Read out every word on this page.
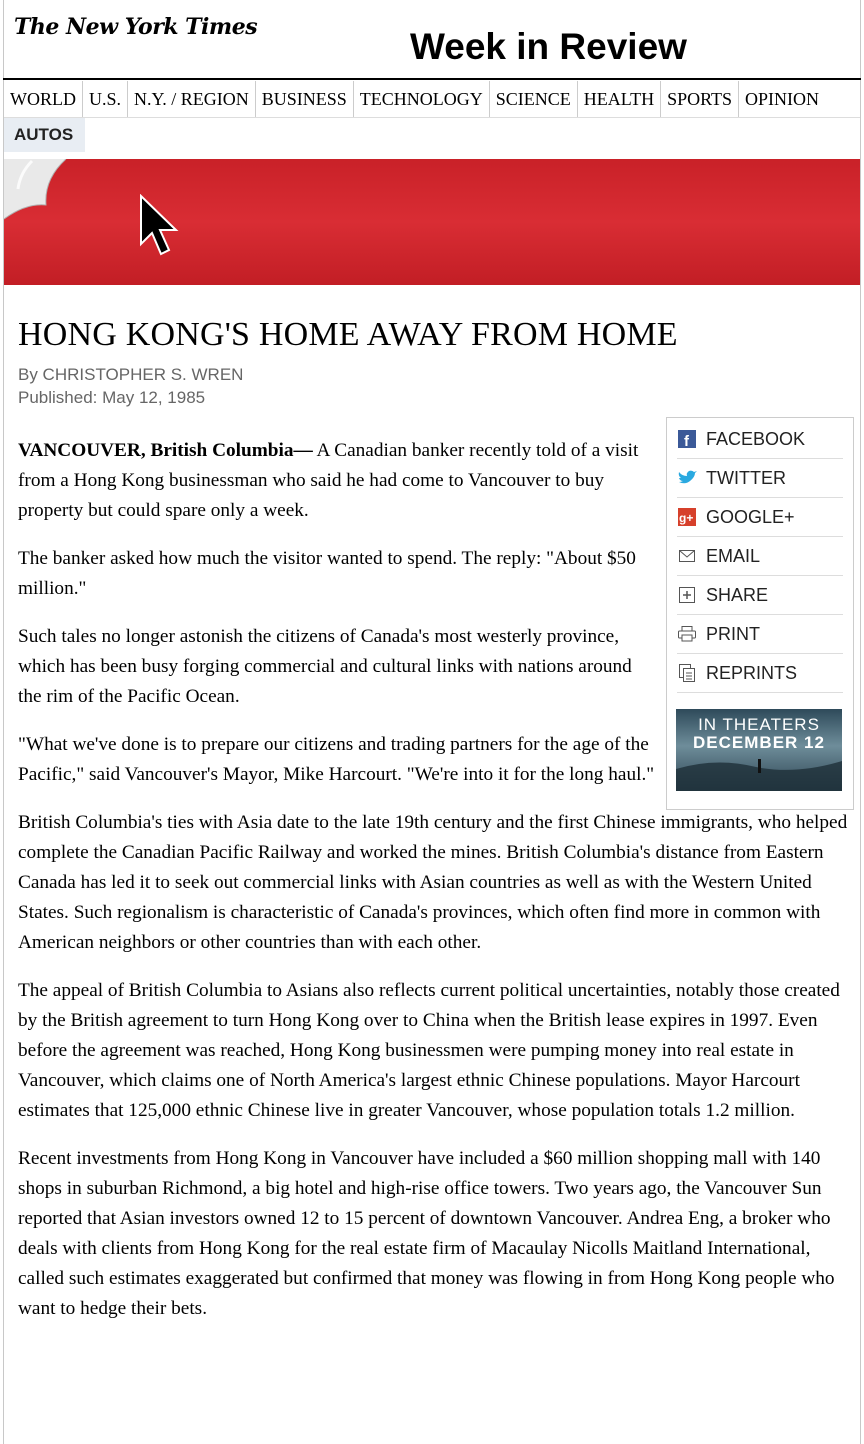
The New York Times	Week in Review
WORLD U.S. N.Y. / REGION BUSINESS TECHNOLOGY SCIENCE HEALTH SPORTS OPINION
AUTOS
HONG KONG'S HOME AWAY FROM HOME
By CHRISTOPHER S. WREN
Published: May 12, 1985

VANCOUVER, British Columbia— A Canadian banker recently told of a visit from a Hong Kong businessman who said he had come to Vancouver to buy property but could spare only a week.

The banker asked how much the visitor wanted to spend. The reply: "About $50 million."

Such tales no longer astonish the citizens of Canada's most westerly province, which has been busy forging commercial and cultural links with nations around the rim of the Pacific Ocean.

"What we've done is to prepare our citizens and trading partners for the age of the Pacific," said Vancouver's Mayor, Mike Harcourt. "We're into it for the long haul."

British Columbia's ties with Asia date to the late 19th century and the first Chinese immigrants, who helped complete the Canadian Pacific Railway and worked the mines. British Columbia's distance from Eastern Canada has led it to seek out commercial links with Asian countries as well as with the Western United States. Such regionalism is characteristic of Canada's provinces, which often find more in common with American neighbors or other countries than with each other.

The appeal of British Columbia to Asians also reflects current political uncertainties, notably those created by the British agreement to turn Hong Kong over to China when the British lease expires in 1997. Even before the agreement was reached, Hong Kong businessmen were pumping money into real estate in Vancouver, which claims one of North America's largest ethnic Chinese populations. Mayor Harcourt estimates that 125,000 ethnic Chinese live in greater Vancouver, whose population totals 1.2 million.

Recent investments from Hong Kong in Vancouver have included a $60 million shopping mall with 140 shops in suburban Richmond, a big hotel and high-rise office towers. Two years ago, the Vancouver Sun reported that Asian investors owned 12 to 15 percent of downtown Vancouver. Andrea Eng, a broker who deals with clients from Hong Kong for the real estate firm of Macaulay Nicolls Maitland International, called such estimates exaggerated but confirmed that money was flowing in from Hong Kong people who want to hedge their bets.

f FACEBOOK
TWITTER
g+ GOOGLE+
EMAIL
SHARE
PRINT
REPRINTS
IN THEATERS
DECEMBER 12
